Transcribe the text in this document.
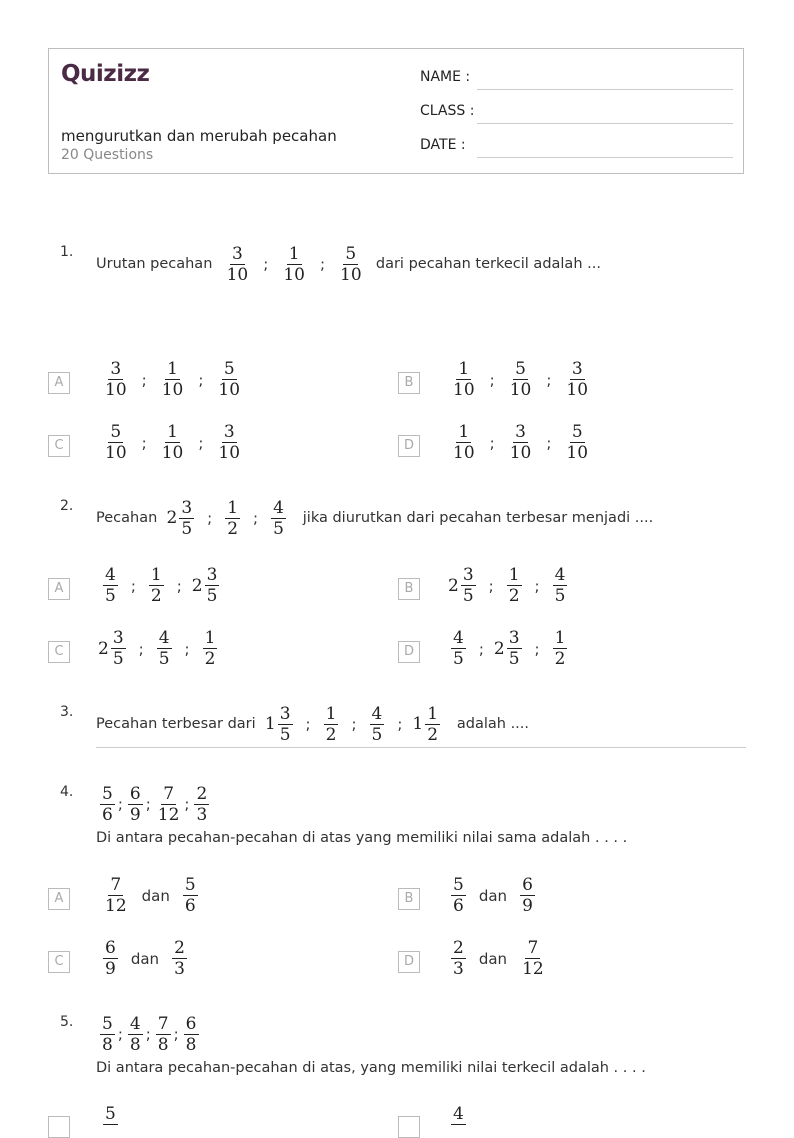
Quizizz
mengurutkan dan merubah pecahan
20 Questions
NAME :
CLASS :
DATE :
1.
Urutan pecahan
$\frac{3}{10}$ ; $\frac{1}{10}$ ; $\frac{5}{10}$
dari pecahan terkecil adalah ...
A	$\frac{3}{10}$ ; $\frac{1}{10}$ ; $\frac{5}{10}$	B	$\frac{1}{10}$ ; $\frac{5}{10}$ ; $\frac{3}{10}$
C	$\frac{5}{10}$ ; $\frac{1}{10}$ ; $\frac{3}{10}$	D	$\frac{1}{10}$ ; $\frac{3}{10}$ ; $\frac{5}{10}$
2.
Pecahan
$2 \frac{3}{5}$ ; $\frac{1}{2}$ ; $\frac{4}{5}$
jika diurutkan dari pecahan terbesar menjadi ....
A	$\frac{4}{5}$ ; $\frac{1}{2}$ ; $2 \frac{3}{5}$	B	$2 \frac{3}{5}$ ; $\frac{1}{2}$ ; $\frac{4}{5}$
C	$2 \frac{3}{5}$ ; $\frac{4}{5}$ ; $\frac{1}{2}$	D	$\frac{4}{5}$ ; $2 \frac{3}{5}$ ; $\frac{1}{2}$
3.
Pecahan terbesar dari
$1 \frac{3}{5}$ ; $\frac{1}{2}$ ; $\frac{4}{5}$ ; $1 \frac{1}{2}$
adalah ....
4. $\frac{5}{6}$ ; $\frac{6}{9}$ ; $\frac{7}{12}$ ; $\frac{2}{3}$
Di antara pecahan-pecahan di atas yang memiliki nilai sama adalah . . . .
A	$\frac{7}{12}$ dan $\frac{5}{6}$	B	$\frac{5}{6}$ dan $\frac{6}{9}$
C	$\frac{6}{9}$ dan $\frac{2}{3}$	D	$\frac{2}{3}$ dan $\frac{7}{12}$
5. $\frac{5}{8}$ ; $\frac{4}{8}$ ; $\frac{7}{8}$ ; $\frac{6}{8}$
Di antara pecahan-pecahan di atas, yang memiliki nilai terkecil adalah . . . .
5	4
